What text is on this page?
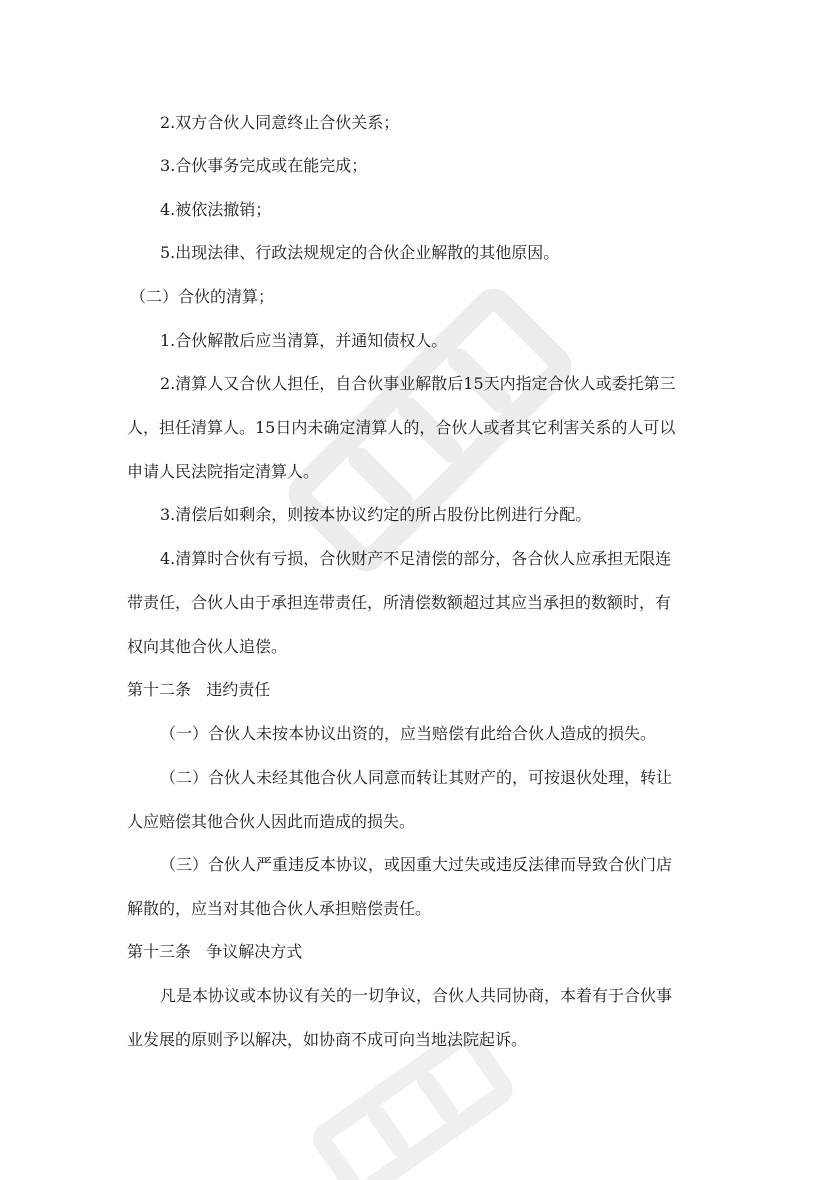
2.双方合伙人同意终止合伙关系；
3.合伙事务完成或在能完成；
4.被依法撤销；
5.出现法律、行政法规规定的合伙企业解散的其他原因。
（二）合伙的清算；
1.合伙解散后应当清算，并通知债权人。
2.清算人又合伙人担任，自合伙事业解散后15天内指定合伙人或委托第三
人，担任清算人。15日内未确定清算人的，合伙人或者其它利害关系的人可以
申请人民法院指定清算人。
3.清偿后如剩余，则按本协议约定的所占股份比例进行分配。
4.清算时合伙有亏损，合伙财产不足清偿的部分，各合伙人应承担无限连
带责任，合伙人由于承担连带责任，所清偿数额超过其应当承担的数额时，有
权向其他合伙人追偿。
第十二条   违约责任
（一）合伙人未按本协议出资的，应当赔偿有此给合伙人造成的损失。
（二）合伙人未经其他合伙人同意而转让其财产的，可按退伙处理，转让
人应赔偿其他合伙人因此而造成的损失。
（三）合伙人严重违反本协议，或因重大过失或违反法律而导致合伙门店
解散的，应当对其他合伙人承担赔偿责任。
第十三条   争议解决方式
凡是本协议或本协议有关的一切争议，合伙人共同协商，本着有于合伙事
业发展的原则予以解决，如协商不成可向当地法院起诉。
